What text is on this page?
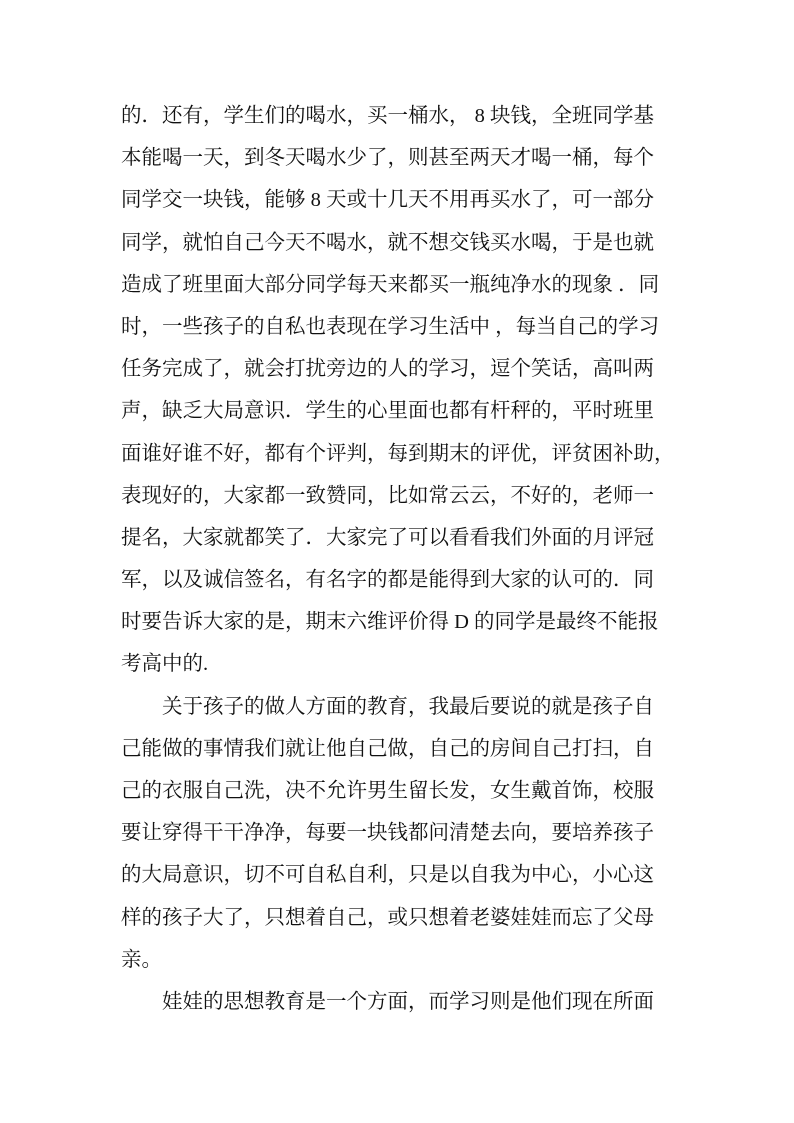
的．还有，学生们的喝水，买一桶水， 8 块钱，全班同学基
本能喝一天，到冬天喝水少了，则甚至两天才喝一桶，每个
同学交一块钱，能够 8 天或十几天不用再买水了，可一部分
同学，就怕自己今天不喝水，就不想交钱买水喝，于是也就
造成了班里面大部分同学每天来都买一瓶纯净水的现象 ．同
时，一些孩子的自私也表现在学习生活中 ，每当自己的学习
任务完成了，就会打扰旁边的人的学习，逗个笑话，高叫两
声，缺乏大局意识．学生的心里面也都有杆秤的，平时班里
面谁好谁不好，都有个评判，每到期末的评优，评贫困补助，
表现好的，大家都一致赞同，比如常云云，不好的，老师一
提名，大家就都笑了．大家完了可以看看我们外面的月评冠
军，以及诚信签名，有名字的都是能得到大家的认可的．同
时要告诉大家的是，期末六维评价得 D 的同学是最终不能报
考高中的.
关于孩子的做人方面的教育，我最后要说的就是孩子自
己能做的事情我们就让他自己做，自己的房间自己打扫，自
己的衣服自己洗，决不允许男生留长发，女生戴首饰，校服
要让穿得干干净净，每要一块钱都问清楚去向，要培养孩子
的大局意识，切不可自私自利，只是以自我为中心，小心这
样的孩子大了，只想着自己，或只想着老婆娃娃而忘了父母
亲。
娃娃的思想教育是一个方面，而学习则是他们现在所面
